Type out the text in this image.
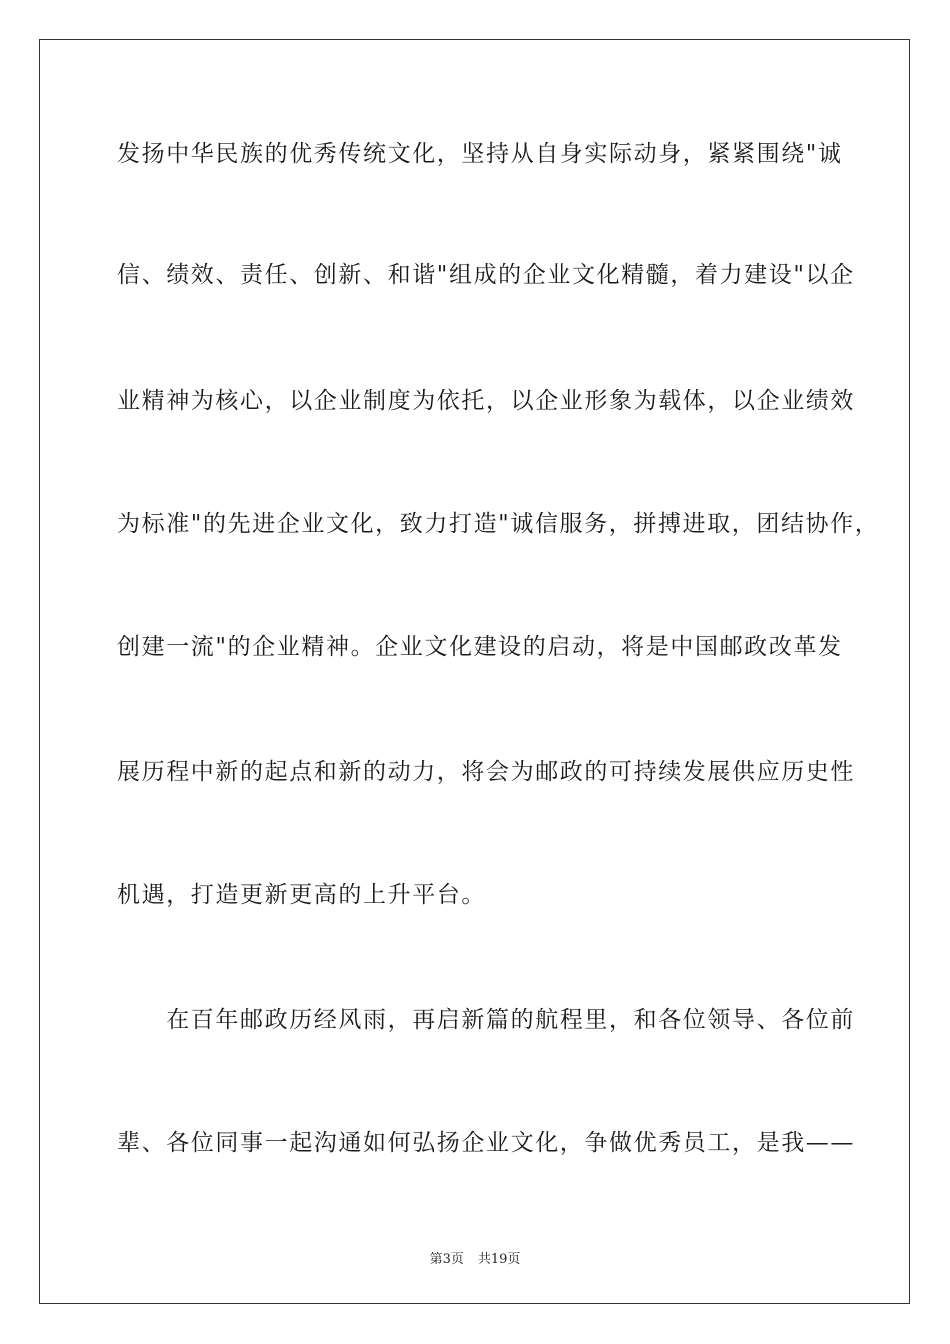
发扬中华民族的优秀传统文化，坚持从自身实际动身，紧紧围绕"诚
信、绩效、责任、创新、和谐"组成的企业文化精髓，着力建设"以企
业精神为核心，以企业制度为依托，以企业形象为载体，以企业绩效
为标准"的先进企业文化，致力打造"诚信服务，拼搏进取，团结协作，
创建一流"的企业精神。企业文化建设的启动，将是中国邮政改革发
展历程中新的起点和新的动力，将会为邮政的可持续发展供应历史性
机遇，打造更新更高的上升平台。
　　在百年邮政历经风雨，再启新篇的航程里，和各位领导、各位前
辈、各位同事一起沟通如何弘扬企业文化，争做优秀员工，是我——
第3页 共19页
